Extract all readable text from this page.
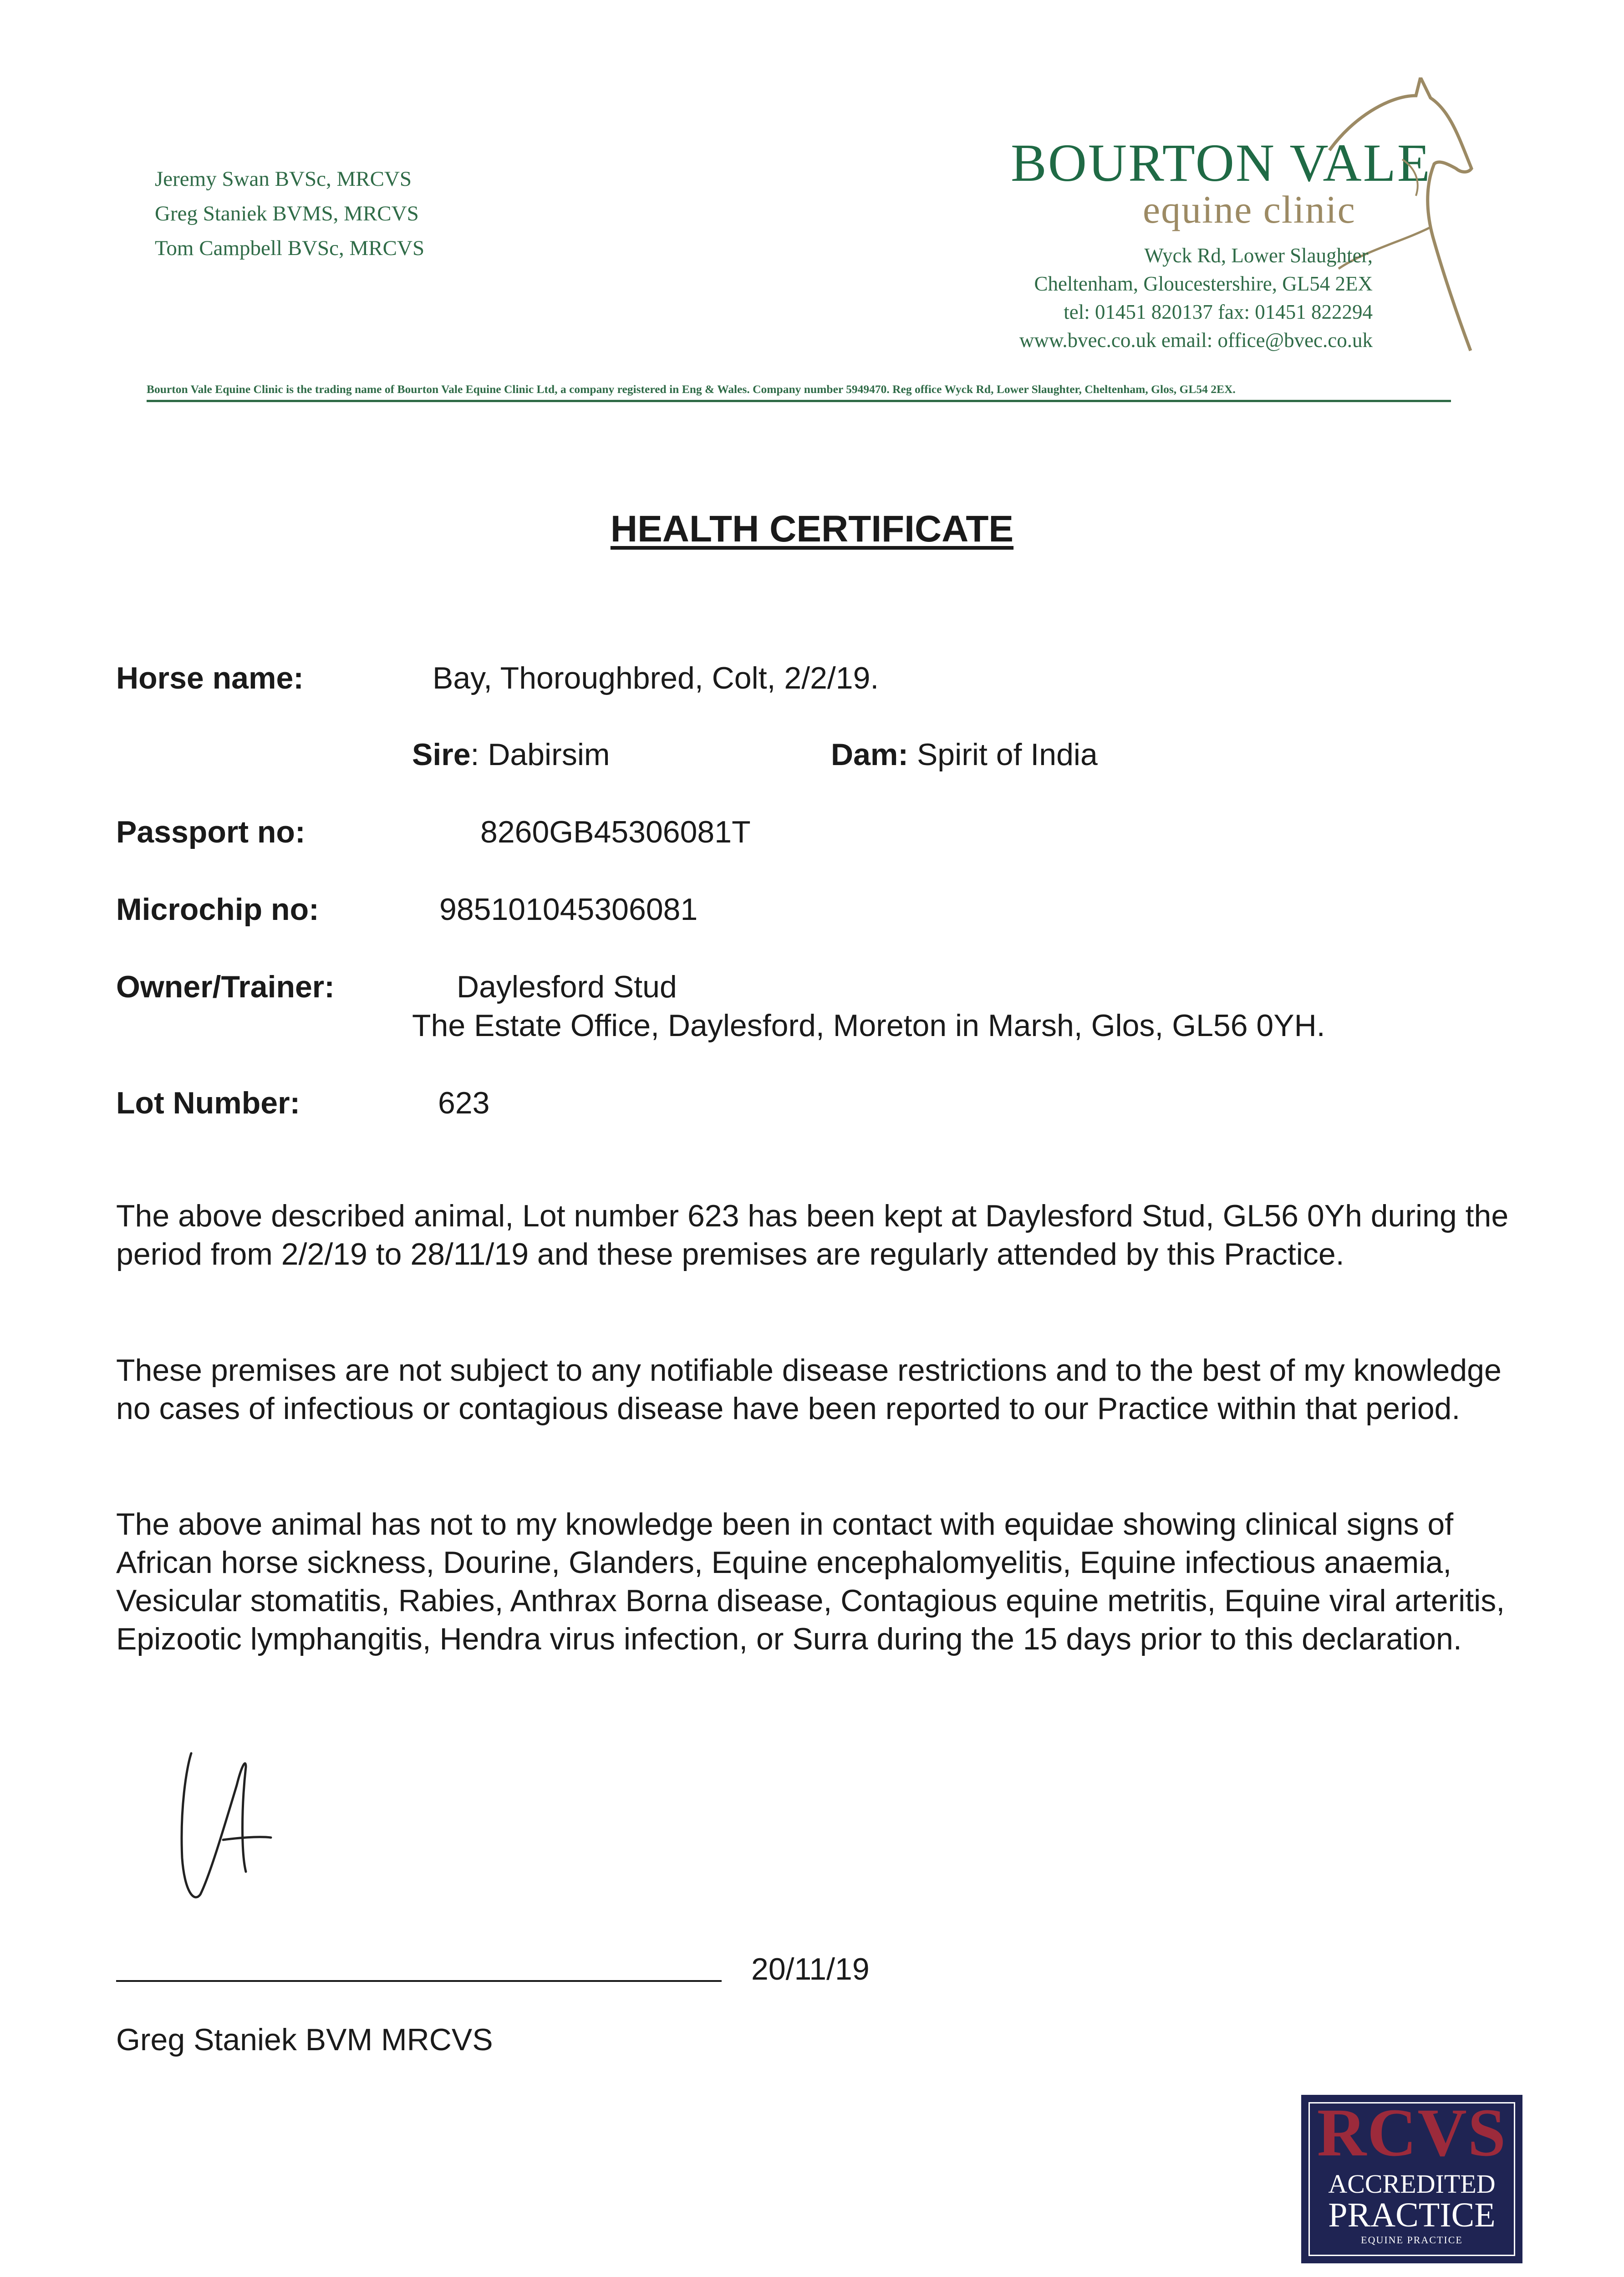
Jeremy Swan BVSc, MRCVS
Greg Staniek BVMS, MRCVS
Tom Campbell BVSc, MRCVS
BOURTON VALE
equine clinic
Wyck Rd, Lower Slaughter,
Cheltenham, Gloucestershire, GL54 2EX
tel: 01451 820137 fax: 01451 822294
www.bvec.co.uk email: office@bvec.co.uk
Bourton Vale Equine Clinic is the trading name of Bourton Vale Equine Clinic Ltd, a company registered in Eng & Wales. Company number 5949470. Reg office Wyck Rd, Lower Slaughter, Cheltenham, Glos, GL54 2EX.
HEALTH CERTIFICATE
Horse name:	Bay, Thoroughbred, Colt, 2/2/19.
Sire: Dabirsim	Dam: Spirit of India
Passport no:	8260GB45306081T
Microchip no:	985101045306081
Owner/Trainer:	Daylesford Stud
The Estate Office, Daylesford, Moreton in Marsh, Glos, GL56 0YH.
Lot Number:	623
The above described animal, Lot number 623 has been kept at Daylesford Stud, GL56 0Yh during the period from 2/2/19 to 28/11/19 and these premises are regularly attended by this Practice.
These premises are not subject to any notifiable disease restrictions and to the best of my knowledge no cases of infectious or contagious disease have been reported to our Practice within that period.
The above animal has not to my knowledge been in contact with equidae showing clinical signs of African horse sickness, Dourine, Glanders, Equine encephalomyelitis, Equine infectious anaemia, Vesicular stomatitis, Rabies, Anthrax Borna disease, Contagious equine metritis, Equine viral arteritis, Epizootic lymphangitis, Hendra virus infection, or Surra during the 15 days prior to this declaration.
20/11/19
Greg Staniek BVM MRCVS
RCVS
ACCREDITED
PRACTICE
EQUINE PRACTICE
